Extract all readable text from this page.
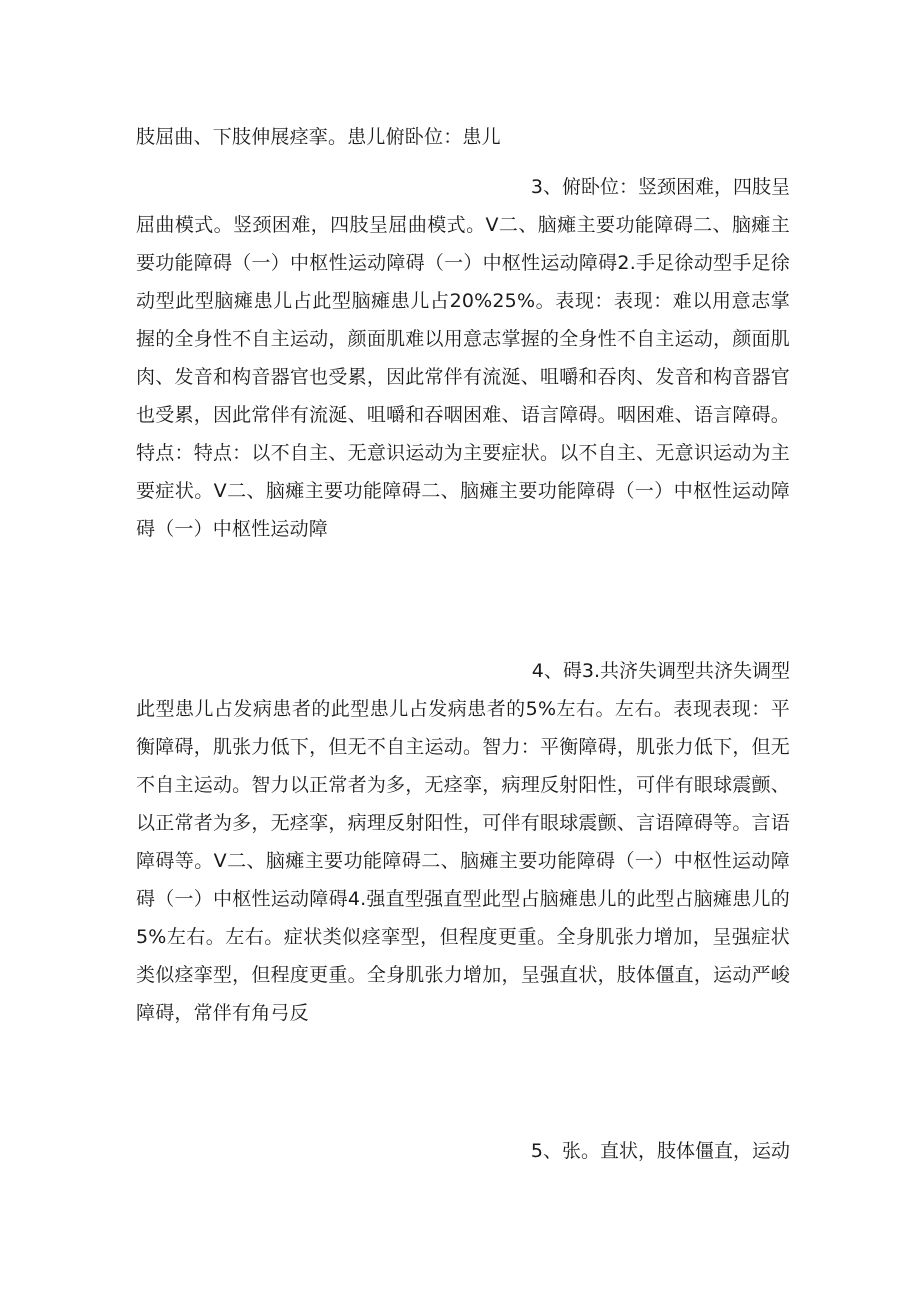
肢屈曲、下肢伸展痉挛。患儿俯卧位：患儿
3、俯卧位：竖颈困难，四肢呈
屈曲模式。竖颈困难，四肢呈屈曲模式。V二、脑瘫主要功能障碍二、脑瘫主要功能障碍（一）中枢性运动障碍（一）中枢性运动障碍2.手足徐动型手足徐动型此型脑瘫患儿占此型脑瘫患儿占20%25%。表现：表现：难以用意志掌握的全身性不自主运动，颜面肌难以用意志掌握的全身性不自主运动，颜面肌肉、发音和构音器官也受累，因此常伴有流涎、咀嚼和吞肉、发音和构音器官也受累，因此常伴有流涎、咀嚼和吞咽困难、语言障碍。咽困难、语言障碍。特点：特点：以不自主、无意识运动为主要症状。以不自主、无意识运动为主要症状。V二、脑瘫主要功能障碍二、脑瘫主要功能障碍（一）中枢性运动障碍（一）中枢性运动障
4、碍3.共济失调型共济失调型
此型患儿占发病患者的此型患儿占发病患者的5%左右。左右。表现表现：平衡障碍，肌张力低下，但无不自主运动。智力：平衡障碍，肌张力低下，但无不自主运动。智力以正常者为多，无痉挛，病理反射阳性，可伴有眼球震颤、以正常者为多，无痉挛，病理反射阳性，可伴有眼球震颤、言语障碍等。言语障碍等。V二、脑瘫主要功能障碍二、脑瘫主要功能障碍（一）中枢性运动障碍（一）中枢性运动障碍4.强直型强直型此型占脑瘫患儿的此型占脑瘫患儿的5%左右。左右。症状类似痉挛型，但程度更重。全身肌张力增加，呈强症状类似痉挛型，但程度更重。全身肌张力增加，呈强直状，肢体僵直，运动严峻障碍，常伴有角弓反
5、张。直状，肢体僵直，运动
